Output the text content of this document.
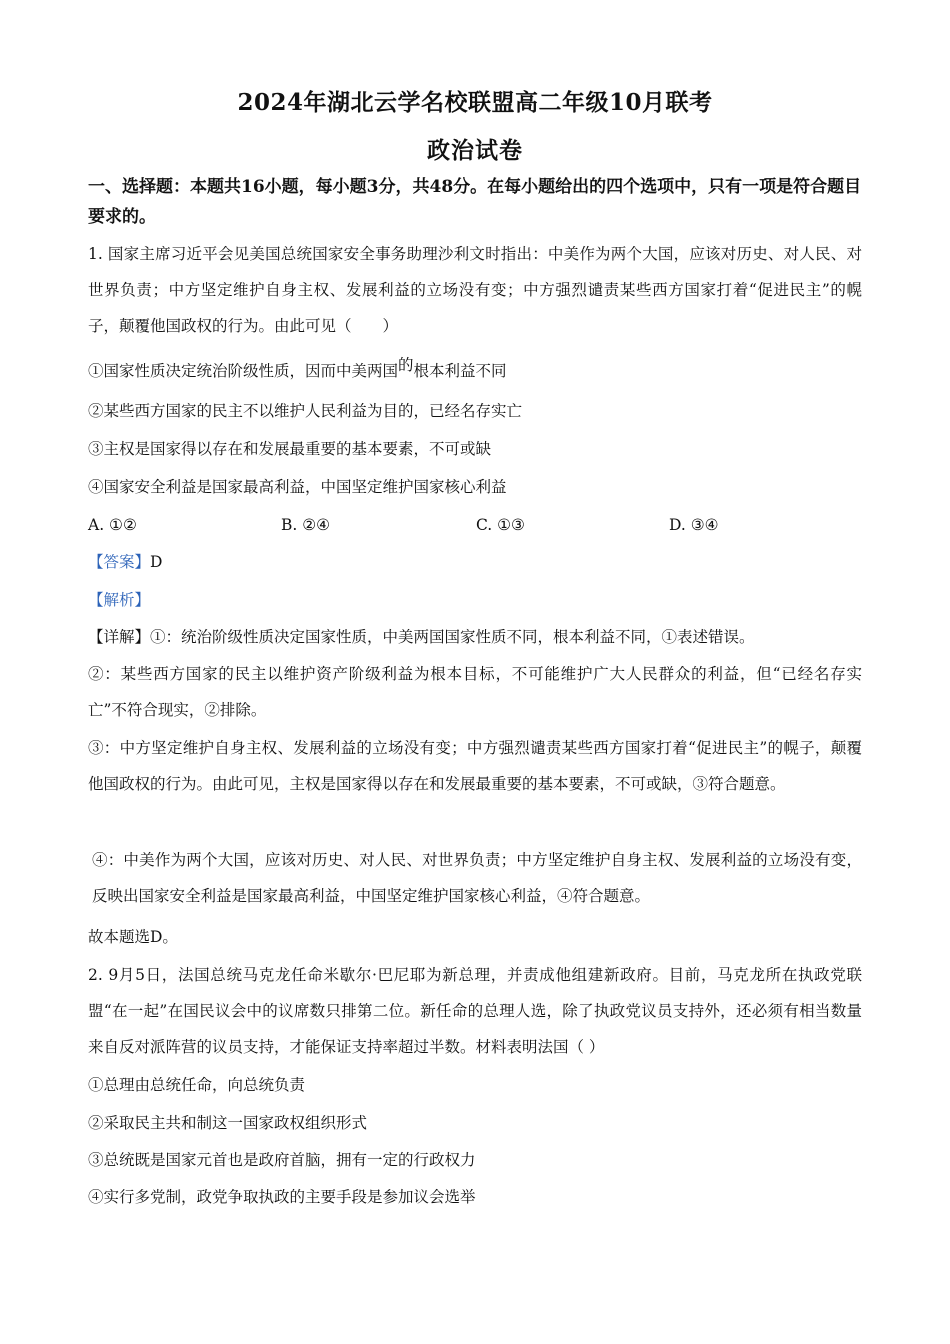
2024年湖北云学名校联盟高二年级10月联考
政治试卷
一、选择题：本题共16小题，每小题3分，共48分。在每小题给出的四个选项中，只有一项是符合题目要求的。
1. 国家主席习近平会见美国总统国家安全事务助理沙利文时指出：中美作为两个大国，应该对历史、对人民、对世界负责；中方坚定维护自身主权、发展利益的立场没有变；中方强烈谴责某些西方国家打着“促进民主”的幌子，颠覆他国政权的行为。由此可见（　　）
①国家性质决定统治阶级性质，因而中美两国的根本利益不同
②某些西方国家的民主不以维护人民利益为目的，已经名存实亡
③主权是国家得以存在和发展最重要的基本要素，不可或缺
④国家安全利益是国家最高利益，中国坚定维护国家核心利益
A. ①②	B. ②④	C. ①③	D. ③④
【答案】D
【解析】
【详解】①：统治阶级性质决定国家性质，中美两国国家性质不同，根本利益不同，①表述错误。
②：某些西方国家的民主以维护资产阶级利益为根本目标，不可能维护广大人民群众的利益，但“已经名存实亡”不符合现实，②排除。
③：中方坚定维护自身主权、发展利益的立场没有变；中方强烈谴责某些西方国家打着“促进民主”的幌子，颠覆他国政权的行为。由此可见，主权是国家得以存在和发展最重要的基本要素，不可或缺，③符合题意。
④：中美作为两个大国，应该对历史、对人民、对世界负责；中方坚定维护自身主权、发展利益的立场没有变，反映出国家安全利益是国家最高利益，中国坚定维护国家核心利益，④符合题意。
故本题选D。
2. 9月5日，法国总统马克龙任命米歇尔·巴尼耶为新总理，并责成他组建新政府。目前，马克龙所在执政党联盟“在一起”在国民议会中的议席数只排第二位。新任命的总理人选，除了执政党议员支持外，还必须有相当数量来自反对派阵营的议员支持，才能保证支持率超过半数。材料表明法国（ ）
①总理由总统任命，向总统负责
②采取民主共和制这一国家政权组织形式
③总统既是国家元首也是政府首脑，拥有一定的行政权力
④实行多党制，政党争取执政的主要手段是参加议会选举
